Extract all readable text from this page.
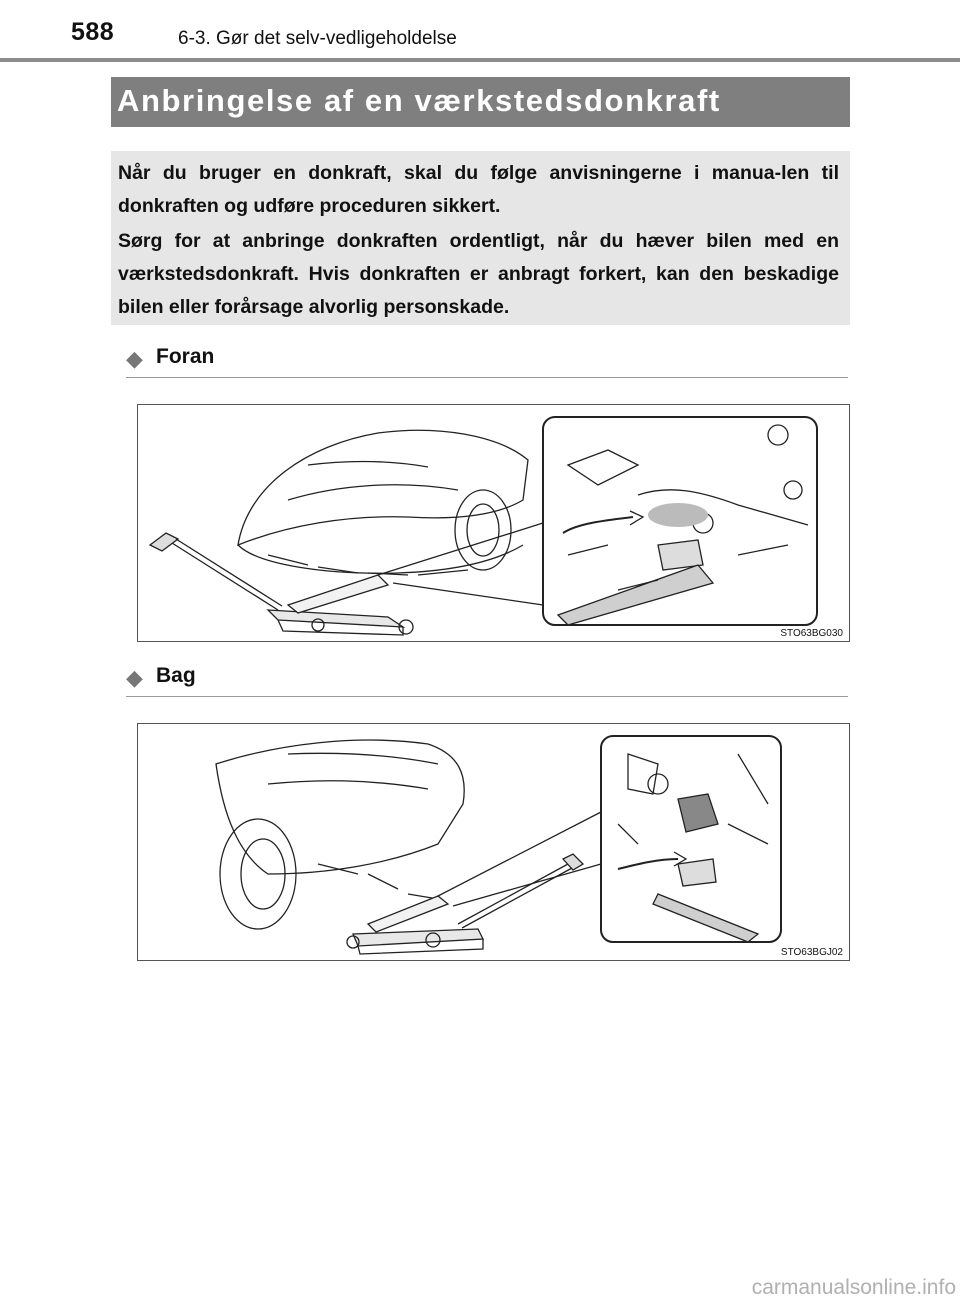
588	6-3. Gør det selv-vedligeholdelse
Anbringelse af en værkstedsdonkraft
Når du bruger en donkraft, skal du følge anvisningerne i manua-len til donkraften og udføre proceduren sikkert.
Sørg for at anbringe donkraften ordentligt, når du hæver bilen med en værkstedsdonkraft. Hvis donkraften er anbragt forkert, kan den beskadige bilen eller forårsage alvorlig personskade.
◆ Foran
STO63BG030
◆ Bag
STO63BGJ02
carmanualsonline.info
